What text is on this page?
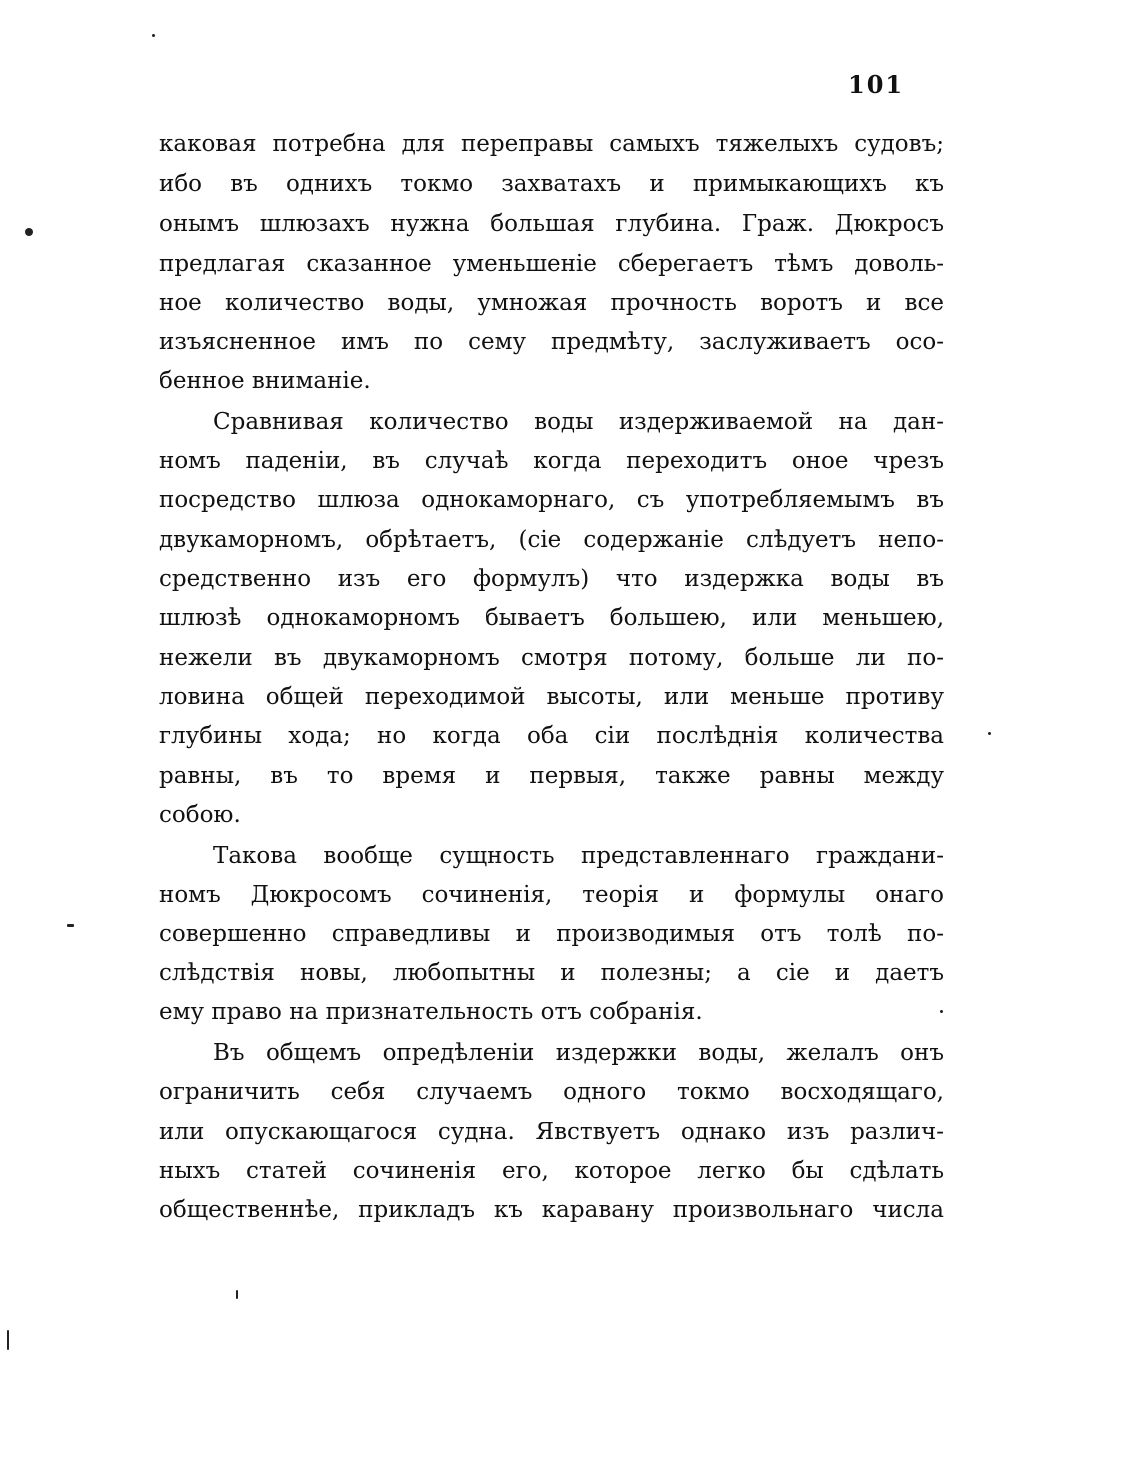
101
каковая потребна для переправы самыхъ тяжелыхъ судовъ;
ибо въ однихъ токмо захватахъ и примыкающихъ къ
онымъ шлюзахъ нужна большая глубина. Граж. Дюкросъ
предлагая сказанное уменьшеніе сберегаетъ тѣмъ доволь-
ное количество воды, умножая прочность воротъ и все
изъясненное имъ по сему предмѣту, заслуживаетъ осо-
бенное вниманіе.
Сравнивая количество воды издерживаемой на дан-
номъ паденіи, въ случаѣ когда переходитъ оное чрезъ
посредство шлюза однокаморнаго, съ употребляемымъ въ
двукаморномъ, обрѣтаетъ, (сіе содержаніе слѣдуетъ непо-
средственно изъ его формулъ) что издержка воды въ
шлюзѣ однокаморномъ бываетъ большею, или меньшею,
нежели въ двукаморномъ смотря потому, больше ли по-
ловина общей переходимой высоты, или меньше противу
глубины хода; но когда оба сіи послѣднія количества
равны, въ то время и первыя, также равны между
собою.
Такова вообще сущность представленнаго граждани-
номъ Дюкросомъ сочиненія, теорія и формулы онаго
совершенно справедливы и производимыя отъ толѣ по-
слѣдствія новы, любопытны и полезны; а сіе и даетъ
ему право на признательность отъ собранія.
Въ общемъ опредѣленіи издержки воды, желалъ онъ
ограничить себя случаемъ одного токмо восходящаго,
или опускающагося судна. Явствуетъ однако изъ различ-
ныхъ статей сочиненія его, которое легко бы сдѣлать
общественнѣе, прикладъ къ каравану произвольнаго числа
